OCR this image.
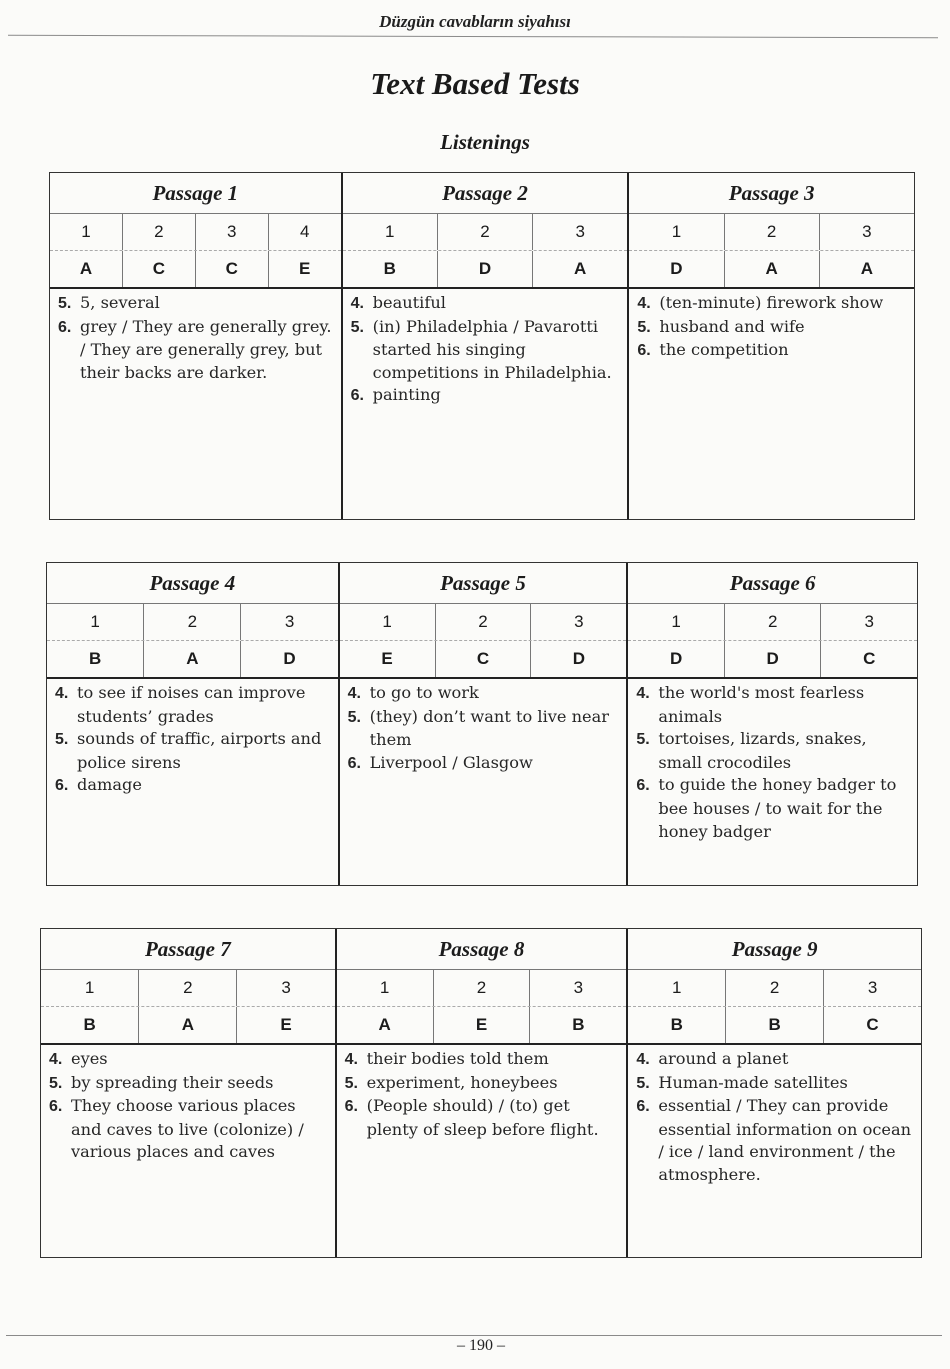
Düzgün cavabların siyahısı
Text Based Tests
Listenings
Passage 1
1	2	3	4
A	C	C	E
5. 5, several
6. grey / They are generally grey. / They are generally grey, but their backs are darker.
Passage 2
1	2	3
B	D	A
4. beautiful
5. (in) Philadelphia / Pavarotti started his singing competitions in Philadelphia.
6. painting
Passage 3
1	2	3
D	A	A
4. (ten-minute) firework show
5. husband and wife
6. the competition
Passage 4
1	2	3
B	A	D
4. to see if noises can improve students’ grades
5. sounds of traffic, airports and police sirens
6. damage
Passage 5
1	2	3
E	C	D
4. to go to work
5. (they) don’t want to live near them
6. Liverpool / Glasgow
Passage 6
1	2	3
D	D	C
4. the world's most fearless animals
5. tortoises, lizards, snakes, small crocodiles
6. to guide the honey badger to bee houses / to wait for the honey badger
Passage 7
1	2	3
B	A	E
4. eyes
5. by spreading their seeds
6. They choose various places and caves to live (colonize) / various places and caves
Passage 8
1	2	3
A	E	B
4. their bodies told them
5. experiment, honeybees
6. (People should) / (to) get plenty of sleep before flight.
Passage 9
1	2	3
B	B	C
4. around a planet
5. Human-made satellites
6. essential / They can provide essential information on ocean / ice / land environment / the atmosphere.
– 190 –
